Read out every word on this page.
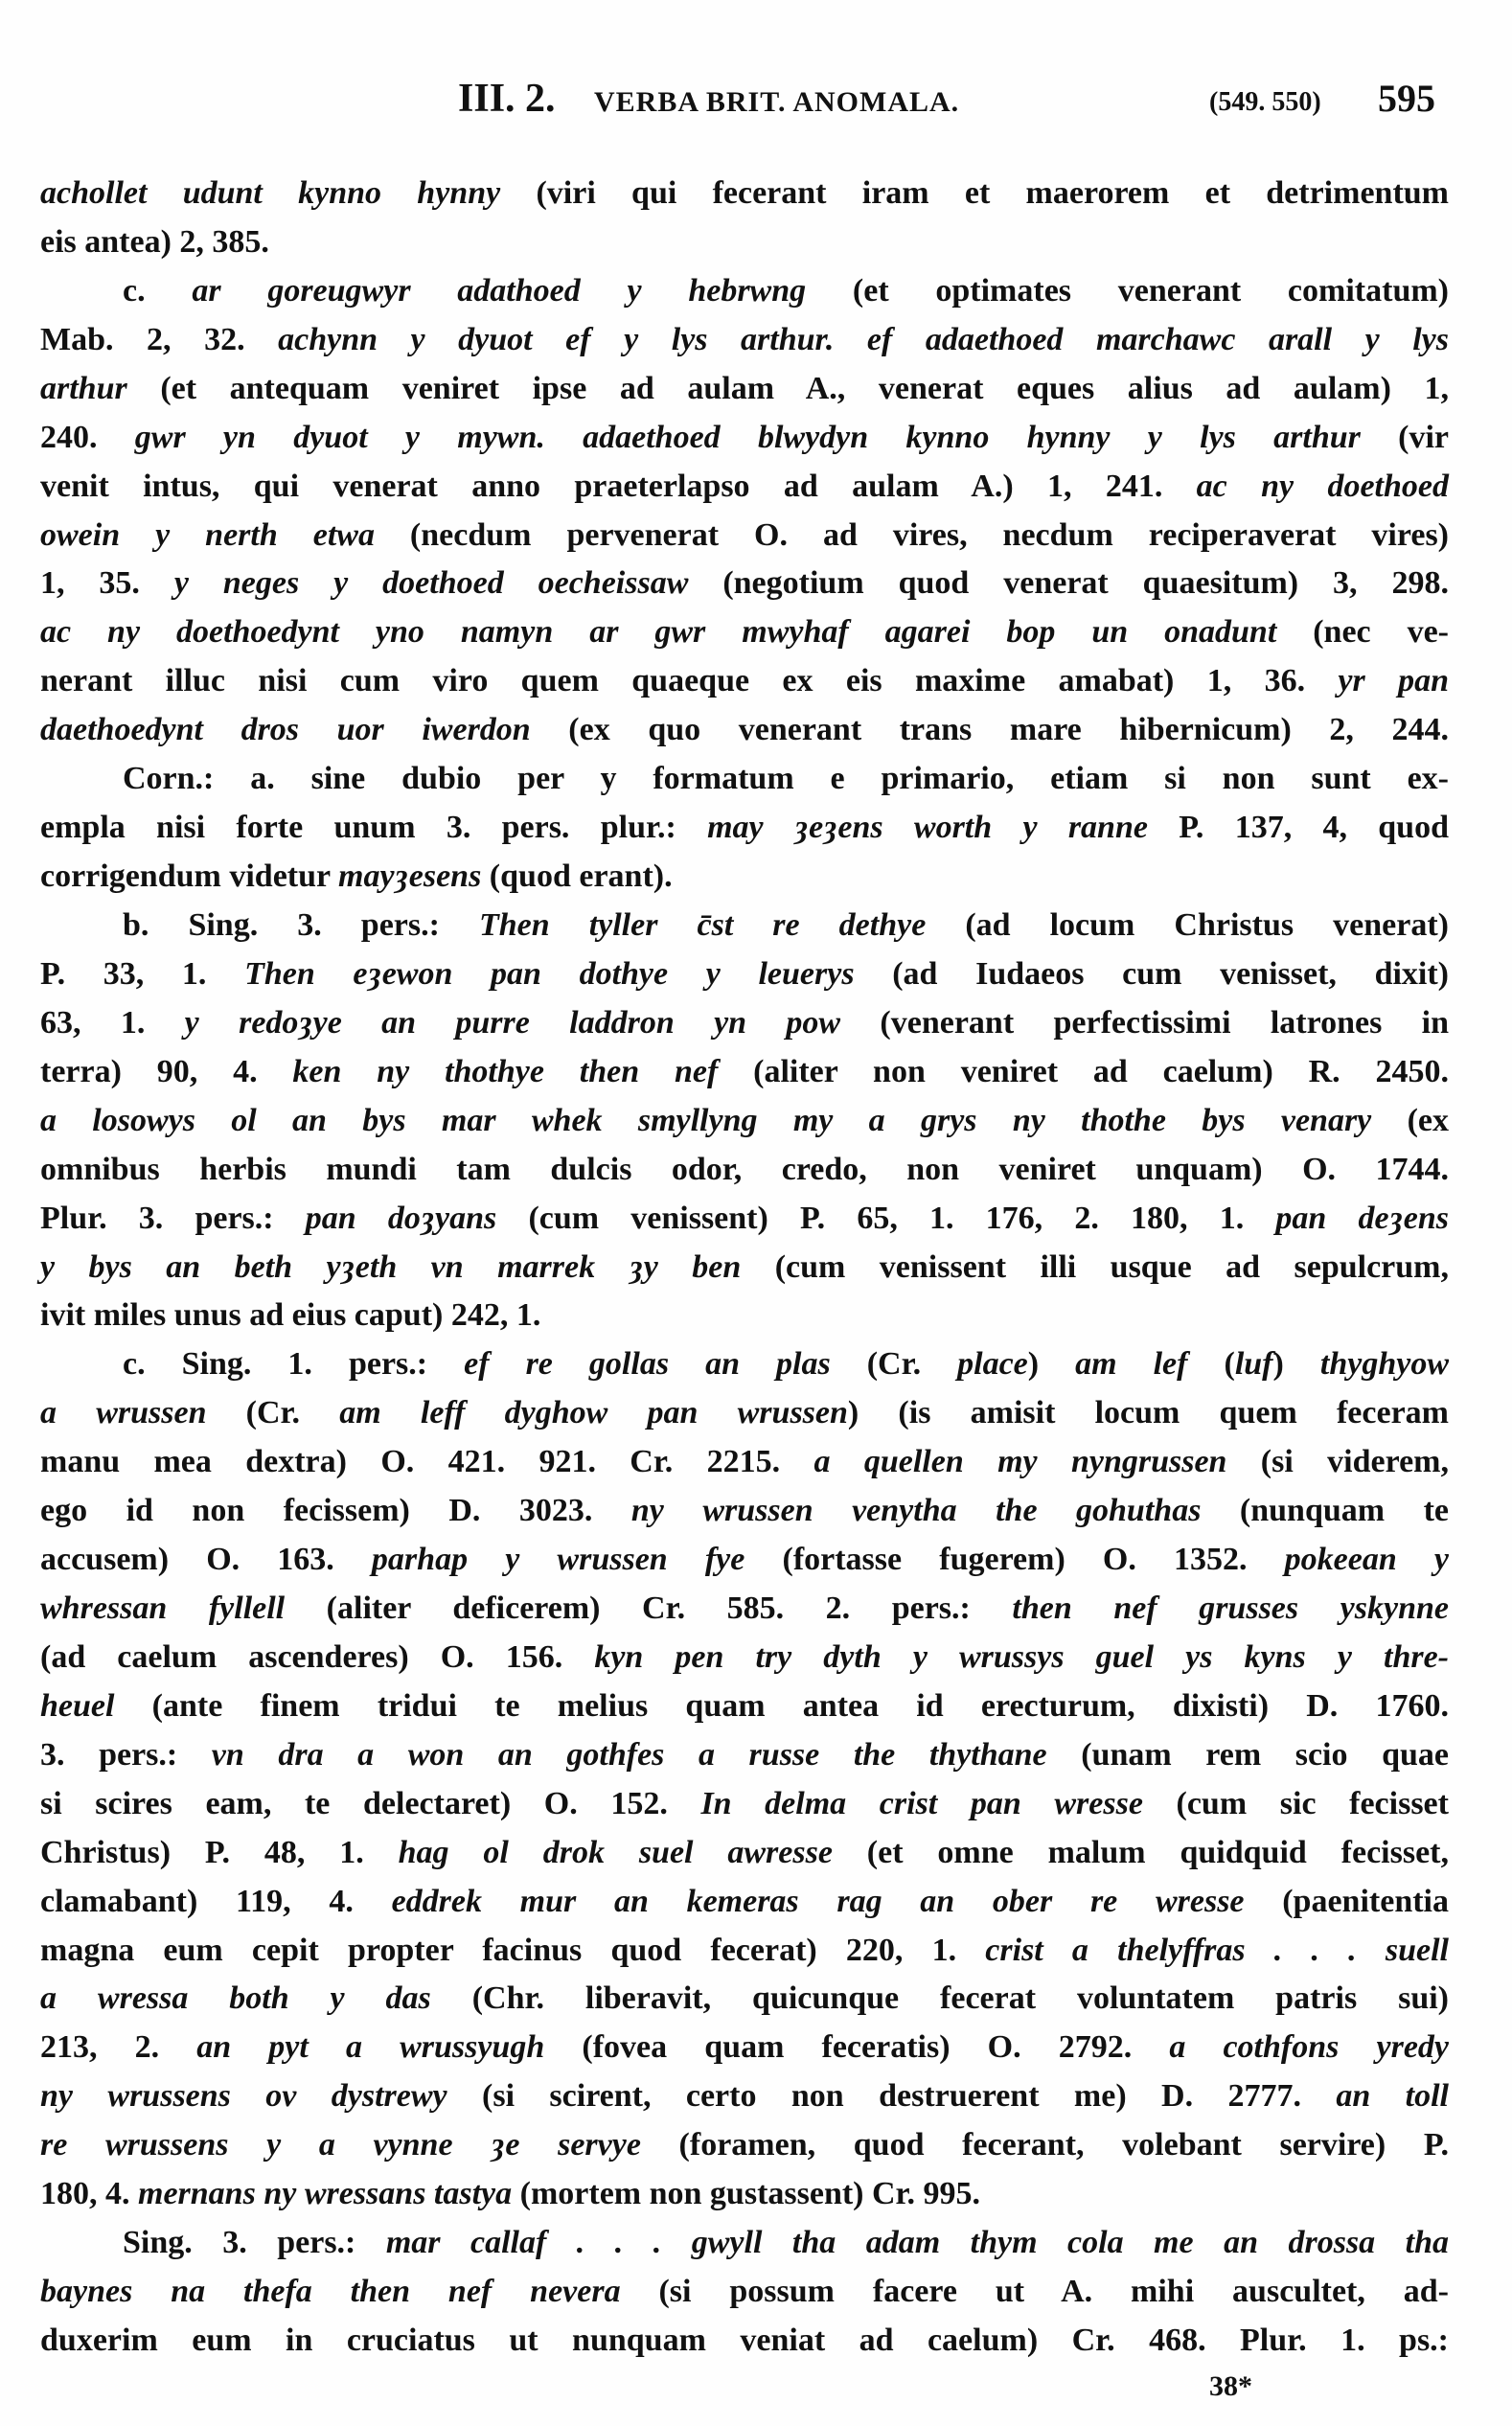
III. 2. VERBA BRIT. ANOMALA.	(549. 550) 595
achollet udunt kynno hynny (viri qui fecerant iram et maerorem et detrimentum
eis antea) 2, 385.
c. ar goreugwyr adathoed y hebrwng (et optimates venerant comitatum)
Mab. 2, 32. achynn y dyuot ef y lys arthur. ef adaethoed marchawc arall y lys
arthur (et antequam veniret ipse ad aulam A., venerat eques alius ad aulam) 1,
240. gwr yn dyuot y mywn. adaethoed blwydyn kynno hynny y lys arthur (vir
venit intus, qui venerat anno praeterlapso ad aulam A.) 1, 241. ac ny doethoed
owein y nerth etwa (necdum pervenerat O. ad vires, necdum reciperaverat vires)
1, 35. y neges y doethoed oecheissaw (negotium quod venerat quaesitum) 3, 298.
ac ny doethoedynt yno namyn ar gwr mwyhaf agarei bop un onadunt (nec ve-
nerant illuc nisi cum viro quem quaeque ex eis maxime amabat) 1, 36. yr pan
daethoedynt dros uor iwerdon (ex quo venerant trans mare hibernicum) 2, 244.
Corn.: a. sine dubio per y formatum e primario, etiam si non sunt ex-
empla nisi forte unum 3. pers. plur.: may ȝeȝens worth y ranne P. 137, 4, quod
corrigendum videtur mayȝesens (quod erant).
b. Sing. 3. pers.: Then tyller c̄st re dethye (ad locum Christus venerat)
P. 33, 1. Then eȝewon pan dothye y leuerys (ad Iudaeos cum venisset, dixit)
63, 1. y redoȝye an purre laddron yn pow (venerant perfectissimi latrones in
terra) 90, 4. ken ny thothye then nef (aliter non veniret ad caelum) R. 2450.
a losowys ol an bys mar whek smyllyng my a grys ny thothe bys venary (ex
omnibus herbis mundi tam dulcis odor, credo, non veniret unquam) O. 1744.
Plur. 3. pers.: pan doȝyans (cum venissent) P. 65, 1. 176, 2. 180, 1. pan deȝens
y bys an beth yȝeth vn marrek ȝy ben (cum venissent illi usque ad sepulcrum,
ivit miles unus ad eius caput) 242, 1.
c. Sing. 1. pers.: ef re gollas an plas (Cr. place) am lef (luf) thyghyow
a wrussen (Cr. am leff dyghow pan wrussen) (is amisit locum quem feceram
manu mea dextra) O. 421. 921. Cr. 2215. a quellen my nyngrussen (si viderem,
ego id non fecissem) D. 3023. ny wrussen venytha the gohuthas (nunquam te
accusem) O. 163. parhap y wrussen fye (fortasse fugerem) O. 1352. pokeean y
whressan fyllell (aliter deficerem) Cr. 585. 2. pers.: then nef grusses yskynne
(ad caelum ascenderes) O. 156. kyn pen try dyth y wrussys guel ys kyns y thre-
heuel (ante finem tridui te melius quam antea id erecturum, dixisti) D. 1760.
3. pers.: vn dra a won an gothfes a russe the thythane (unam rem scio quae
si scires eam, te delectaret) O. 152. In delma crist pan wresse (cum sic fecisset
Christus) P. 48, 1. hag ol drok suel awresse (et omne malum quidquid fecisset,
clamabant) 119, 4. eddrek mur an kemeras rag an ober re wresse (paenitentia
magna eum cepit propter facinus quod fecerat) 220, 1. crist a thelyffras . . . suell
a wressa both y das (Chr. liberavit, quicunque fecerat voluntatem patris sui)
213, 2. an pyt a wrussyugh (fovea quam feceratis) O. 2792. a cothfons yredy
ny wrussens ov dystrewy (si scirent, certo non destruerent me) D. 2777. an toll
re wrussens y a vynne ȝe servye (foramen, quod fecerant, volebant servire) P.
180, 4. mernans ny wressans tastya (mortem non gustassent) Cr. 995.
Sing. 3. pers.: mar callaf . . . gwyll tha adam thym cola me an drossa tha
baynes na thefa then nef nevera (si possum facere ut A. mihi auscultet, ad-
duxerim eum in cruciatus ut nunquam veniat ad caelum) Cr. 468. Plur. 1. ps.:
38*
